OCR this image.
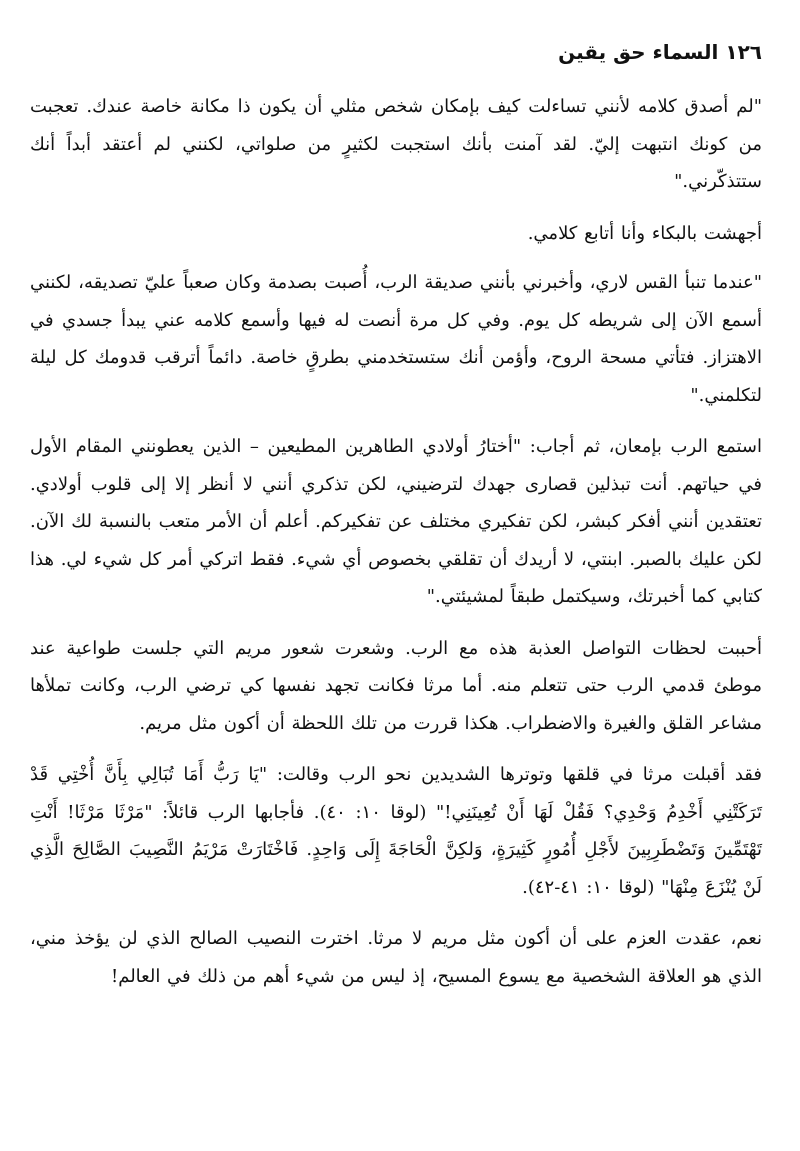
١٢٦ السماء حق يقين

"لم أصدق كلامه لأنني تساءلت كيف بإمكان شخص مثلي أن يكون ذا مكانة خاصة عندك. تعجبت من كونك انتبهت إليّ. لقد آمنت بأنك استجبت لكثيرٍ من صلواتي، لكنني لم أعتقد أبداً أنك ستتذكّرني."

أجهشت بالبكاء وأنا أتابع كلامي.

"عندما تنبأ القس لاري، وأخبرني بأنني صديقة الرب، أُصبت بصدمة وكان صعباً عليّ تصديقه، لكنني أسمع الآن إلى شريطه كل يوم. وفي كل مرة أنصت له فيها وأسمع كلامه عني يبدأ جسدي في الاهتزاز. فتأتي مسحة الروح، وأؤمن أنك ستستخدمني بطرقٍ خاصة. دائماً أترقب قدومك كل ليلة لتكلمني."

استمع الرب بإمعان، ثم أجاب: "أختارُ أولادي الطاهرين المطيعين – الذين يعطونني المقام الأول في حياتهم. أنت تبذلين قصارى جهدك لترضيني، لكن تذكري أنني لا أنظر إلا إلى قلوب أولادي. تعتقدين أنني أفكر كبشر، لكن تفكيري مختلف عن تفكيركم. أعلم أن الأمر متعب بالنسبة لك الآن. لكن عليك بالصبر. ابنتي، لا أريدك أن تقلقي بخصوص أي شيء. فقط اتركي أمر كل شيء لي. هذا كتابي كما أخبرتك، وسيكتمل طبقاً لمشيئتي."

أحببت لحظات التواصل العذبة هذه مع الرب. وشعرت شعور مريم التي جلست طواعية عند موطئ قدمي الرب حتى تتعلم منه. أما مرثا فكانت تجهد نفسها كي ترضي الرب، وكانت تملأها مشاعر القلق والغيرة والاضطراب. هكذا قررت من تلك اللحظة أن أكون مثل مريم.

فقد أقبلت مرثا في قلقها وتوترها الشديدين نحو الرب وقالت: "يَا رَبُّ أَمَا تُبَالِي بِأَنَّ أُخْتِي قَدْ تَرَكَتْنِي أَخْدِمُ وَحْدِي؟ فَقُلْ لَهَا أَنْ تُعِينَنِي!" (لوقا ١٠: ٤٠). فأجابها الرب قائلاً: "مَرْثَا مَرْثَا! أَنْتِ تَهْتَمِّينَ وَتَضْطَرِبِينَ لأَجْلِ أُمُورٍ كَثِيرَةٍ، وَلكِنَّ الْحَاجَةَ إِلَى وَاحِدٍ. فَاخْتَارَتْ مَرْيَمُ النَّصِيبَ الصَّالِحَ الَّذِي لَنْ يُنْزَعَ مِنْهَا" (لوقا ١٠: ٤١-٤٢).

نعم، عقدت العزم على أن أكون مثل مريم لا مرثا. اخترت النصيب الصالح الذي لن يؤخذ مني، الذي هو العلاقة الشخصية مع يسوع المسيح، إذ ليس من شيء أهم من ذلك في العالم!
